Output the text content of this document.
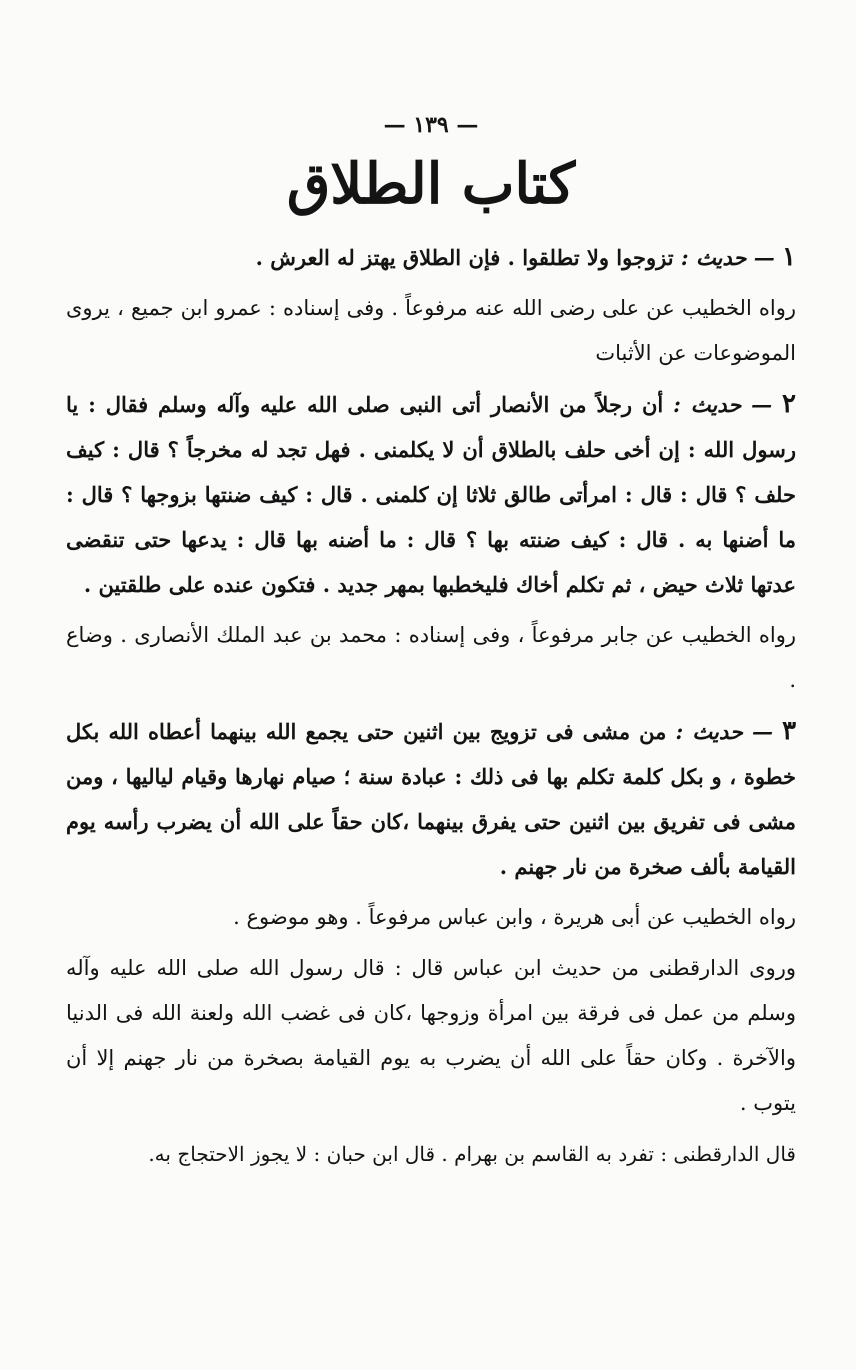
— ١٣٩ —
كتاب الطلاق

١ — حديث : تزوجوا ولا تطلقوا . فإن الطلاق يهتز له العرش .

رواه الخطيب عن على رضى الله عنه مرفوعاً . وفى إسناده : عمرو ابن جميع ، يروى الموضوعات عن الأثبات

٢ — حديث : أن رجلاً من الأنصار أتى النبى صلى الله عليه وآله وسلم فقال : يا رسول الله : إن أخى حلف بالطلاق أن لا يكلمنى . فهل تجد له مخرجاً ؟ قال : كيف حلف ؟ قال : قال : امرأتى طالق ثلاثا إن كلمنى . قال : كيف ضنتها بزوجها ؟ قال : ما أضنها به . قال : كيف ضنته بها ؟ قال : ما أضنه بها قال : يدعها حتى تنقضى عدتها ثلاث حيض ، ثم تكلم أخاك فليخطبها بمهر جديد . فتكون عنده على طلقتين .

رواه الخطيب عن جابر مرفوعاً ، وفى إسناده : محمد بن عبد الملك الأنصارى . وضاع .

٣ — حديث : من مشى فى تزويج بين اثنين حتى يجمع الله بينهما أعطاه الله بكل خطوة ، و بكل كلمة تكلم بها فى ذلك : عبادة سنة ؛ صيام نهارها وقيام لياليها ، ومن مشى فى تفريق بين اثنين حتى يفرق بينهما ،كان حقاً على الله أن يضرب رأسه يوم القيامة بألف صخرة من نار جهنم .

رواه الخطيب عن أبى هريرة ، وابن عباس مرفوعاً . وهو موضوع .

وروى الدارقطنى من حديث ابن عباس قال : قال رسول الله صلى الله عليه وآله وسلم من عمل فى فرقة بين امرأة وزوجها ،كان فى غضب الله ولعنة الله فى الدنيا والآخرة . وكان حقاً على الله أن يضرب به يوم القيامة بصخرة من نار جهنم إلا أن يتوب .

قال الدارقطنى : تفرد به القاسم بن بهرام . قال ابن حبان : لا يجوز الاحتجاج به.
